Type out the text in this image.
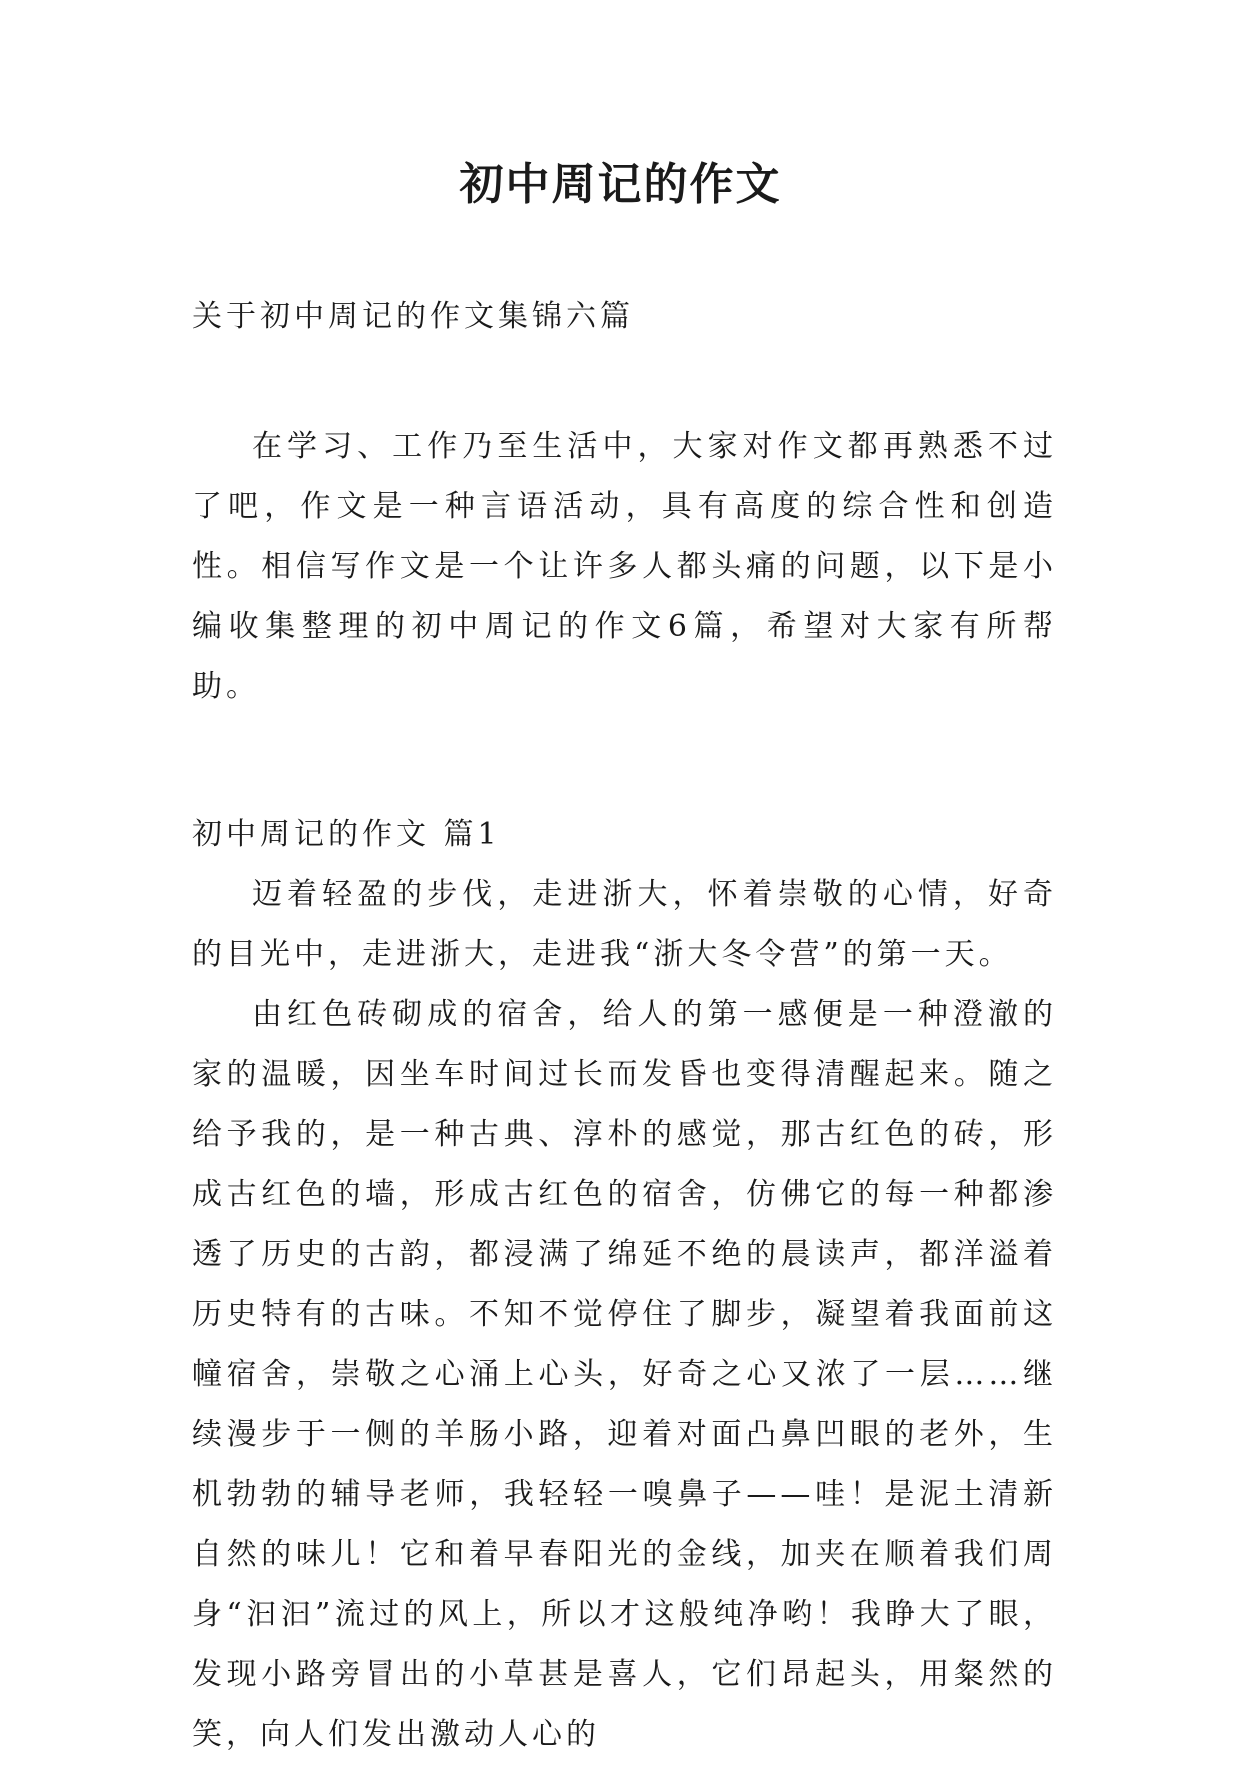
初中周记的作文

关于初中周记的作文集锦六篇

在学习、工作乃至生活中，大家对作文都再熟悉不过了吧，作文是一种言语活动，具有高度的综合性和创造性。相信写作文是一个让许多人都头痛的问题，以下是小编收集整理的初中周记的作文6篇，希望对大家有所帮助。

初中周记的作文 篇1

迈着轻盈的步伐，走进浙大，怀着崇敬的心情，好奇的目光中，走进浙大，走进我“浙大冬令营”的第一天。

由红色砖砌成的宿舍，给人的第一感便是一种澄澈的家的温暖，因坐车时间过长而发昏也变得清醒起来。随之给予我的，是一种古典、淳朴的感觉，那古红色的砖，形成古红色的墙，形成古红色的宿舍，仿佛它的每一种都渗透了历史的古韵，都浸满了绵延不绝的晨读声，都洋溢着历史特有的古味。不知不觉停住了脚步，凝望着我面前这幢宿舍，崇敬之心涌上心头，好奇之心又浓了一层……继续漫步于一侧的羊肠小路，迎着对面凸鼻凹眼的老外，生机勃勃的辅导老师，我轻轻一嗅鼻子——哇！是泥土清新自然的味儿！它和着早春阳光的金线，加夹在顺着我们周身“汩汩”流过的风上，所以才这般纯净哟！我睁大了眼，发现小路旁冒出的小草甚是喜人，它们昂起头，用粲然的笑，向人们发出激动人心的
